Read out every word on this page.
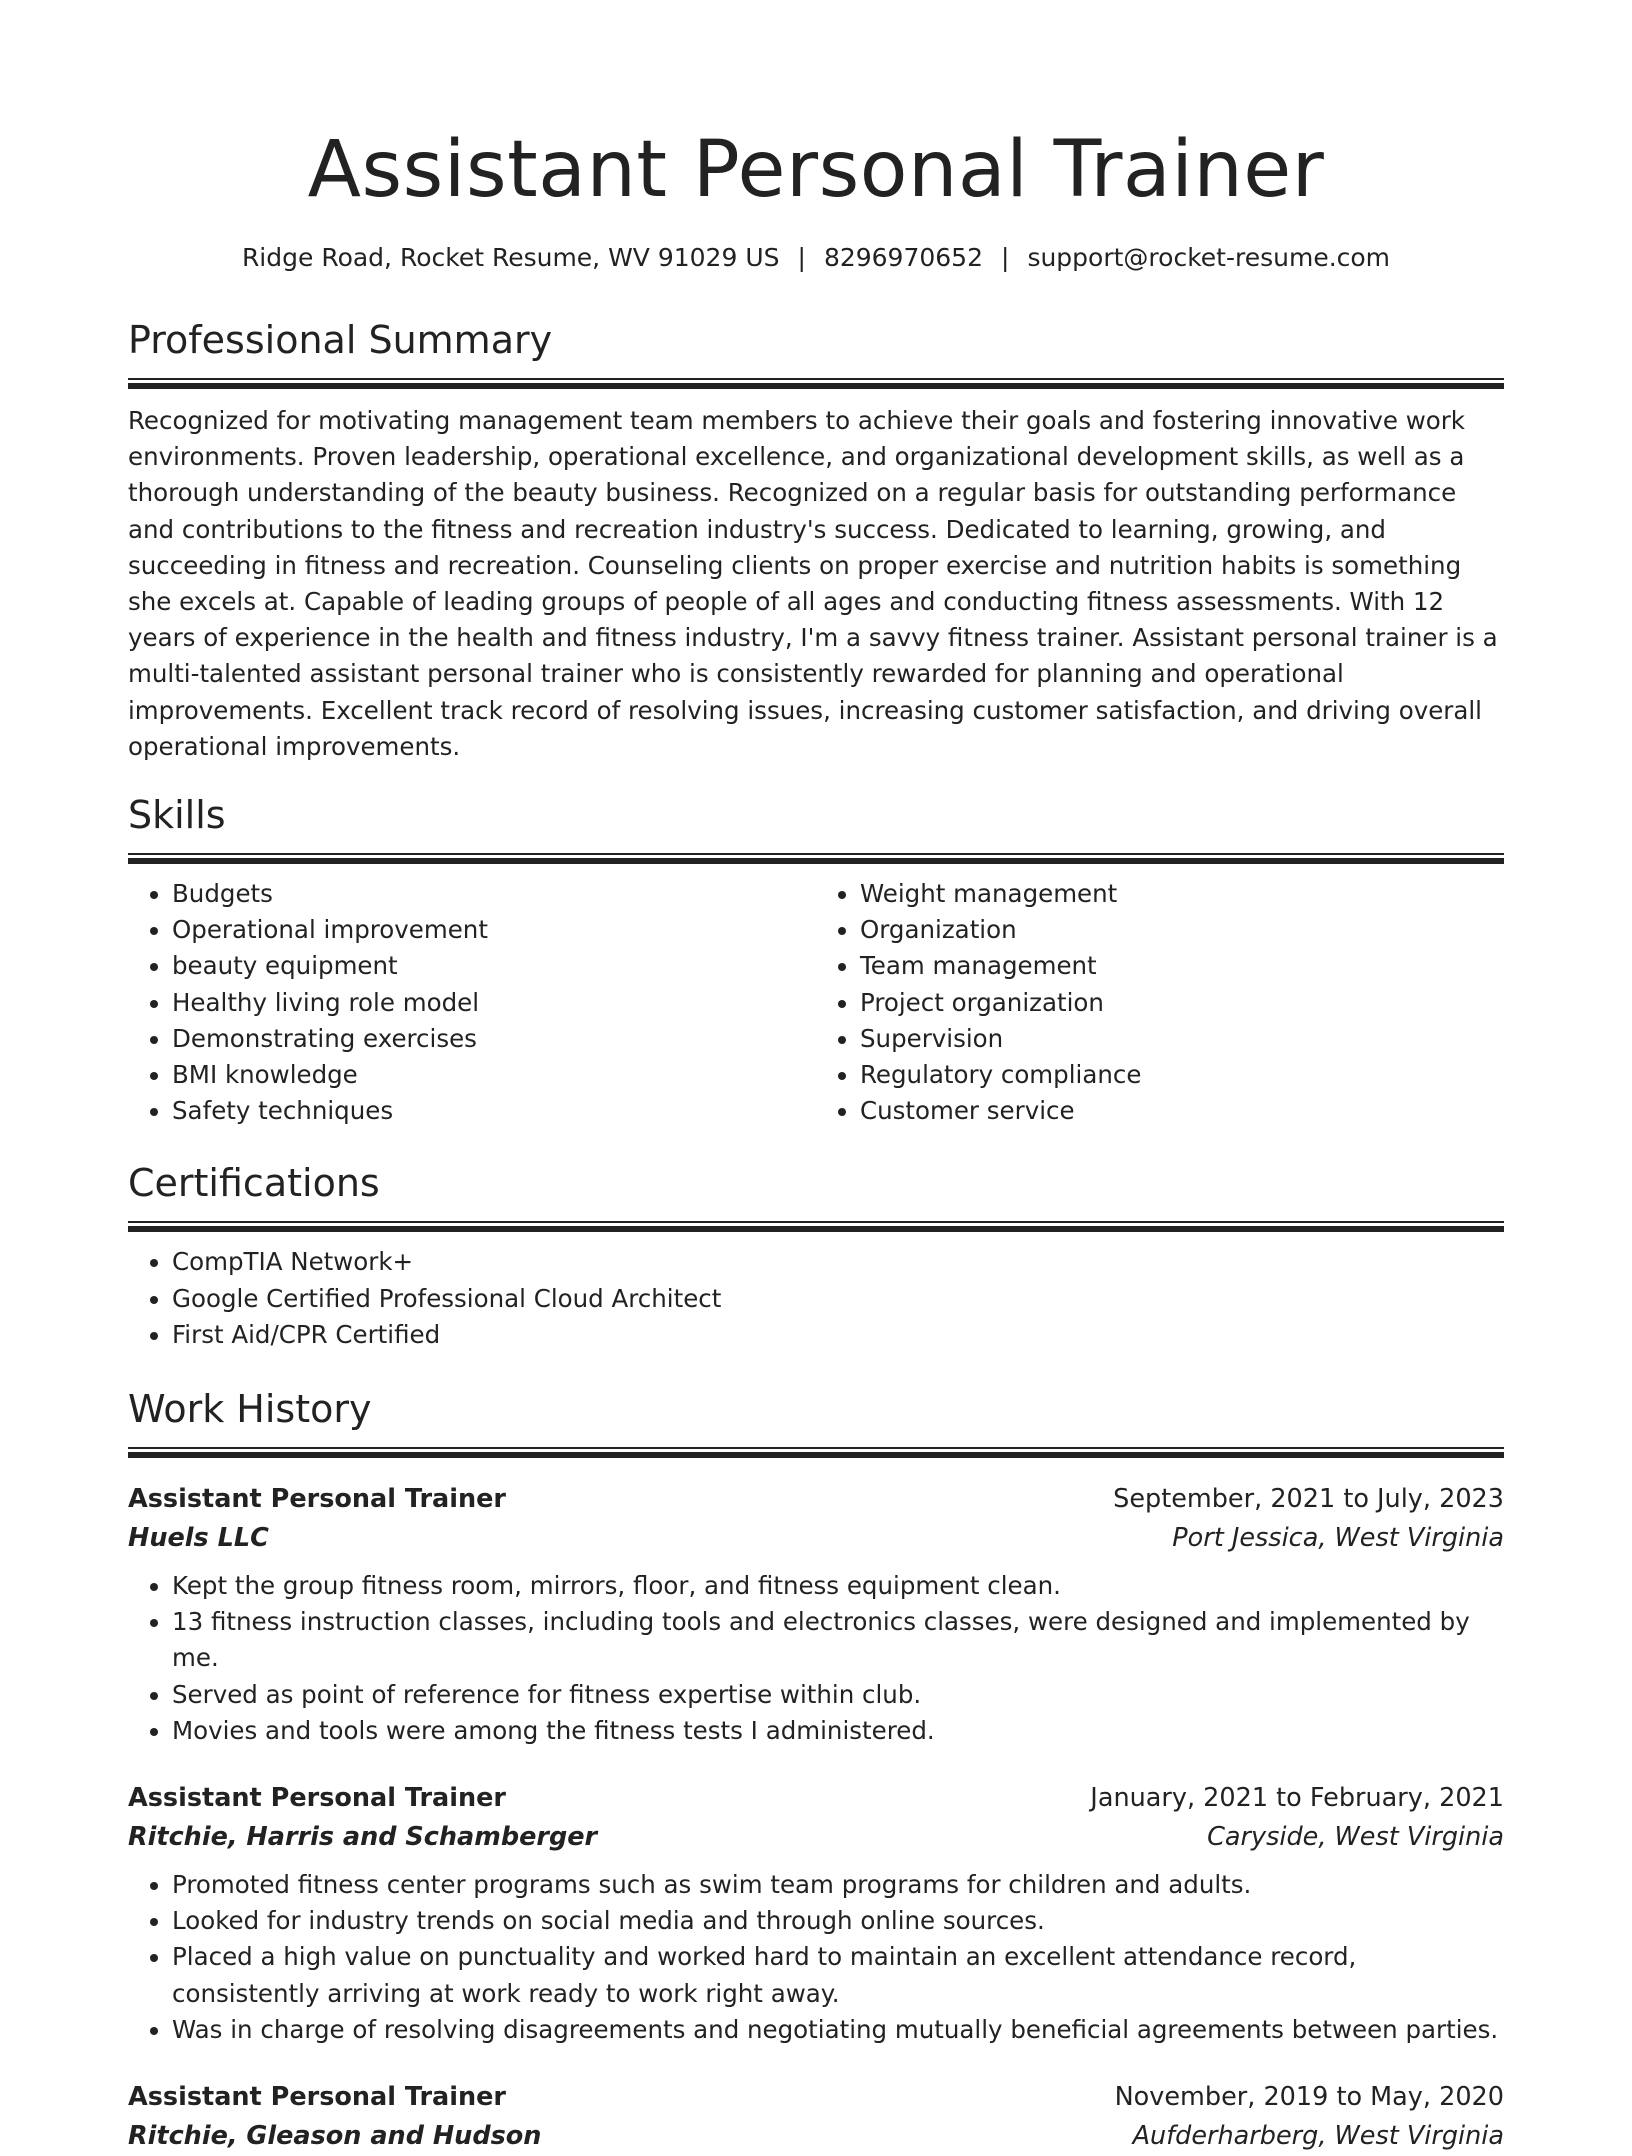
Assistant Personal Trainer
Ridge Road, Rocket Resume, WV 91029 US | 8296970652 | support@rocket-resume.com
Professional Summary
Recognized for motivating management team members to achieve their goals and fostering innovative work environments. Proven leadership, operational excellence, and organizational development skills, as well as a thorough understanding of the beauty business. Recognized on a regular basis for outstanding performance and contributions to the fitness and recreation industry's success. Dedicated to learning, growing, and succeeding in fitness and recreation. Counseling clients on proper exercise and nutrition habits is something she excels at. Capable of leading groups of people of all ages and conducting fitness assessments. With 12 years of experience in the health and fitness industry, I'm a savvy fitness trainer. Assistant personal trainer is a multi-talented assistant personal trainer who is consistently rewarded for planning and operational improvements. Excellent track record of resolving issues, increasing customer satisfaction, and driving overall operational improvements.
Skills
• Budgets
• Operational improvement
• beauty equipment
• Healthy living role model
• Demonstrating exercises
• BMI knowledge
• Safety techniques
• Weight management
• Organization
• Team management
• Project organization
• Supervision
• Regulatory compliance
• Customer service
Certifications
• CompTIA Network+
• Google Certified Professional Cloud Architect
• First Aid/CPR Certified
Work History
Assistant Personal Trainer	September, 2021 to July, 2023
Huels LLC	Port Jessica, West Virginia
• Kept the group fitness room, mirrors, floor, and fitness equipment clean.
• 13 fitness instruction classes, including tools and electronics classes, were designed and implemented by me.
• Served as point of reference for fitness expertise within club.
• Movies and tools were among the fitness tests I administered.
Assistant Personal Trainer	January, 2021 to February, 2021
Ritchie, Harris and Schamberger	Caryside, West Virginia
• Promoted fitness center programs such as swim team programs for children and adults.
• Looked for industry trends on social media and through online sources.
• Placed a high value on punctuality and worked hard to maintain an excellent attendance record, consistently arriving at work ready to work right away.
• Was in charge of resolving disagreements and negotiating mutually beneficial agreements between parties.
Assistant Personal Trainer	November, 2019 to May, 2020
Ritchie, Gleason and Hudson	Aufderharberg, West Virginia
